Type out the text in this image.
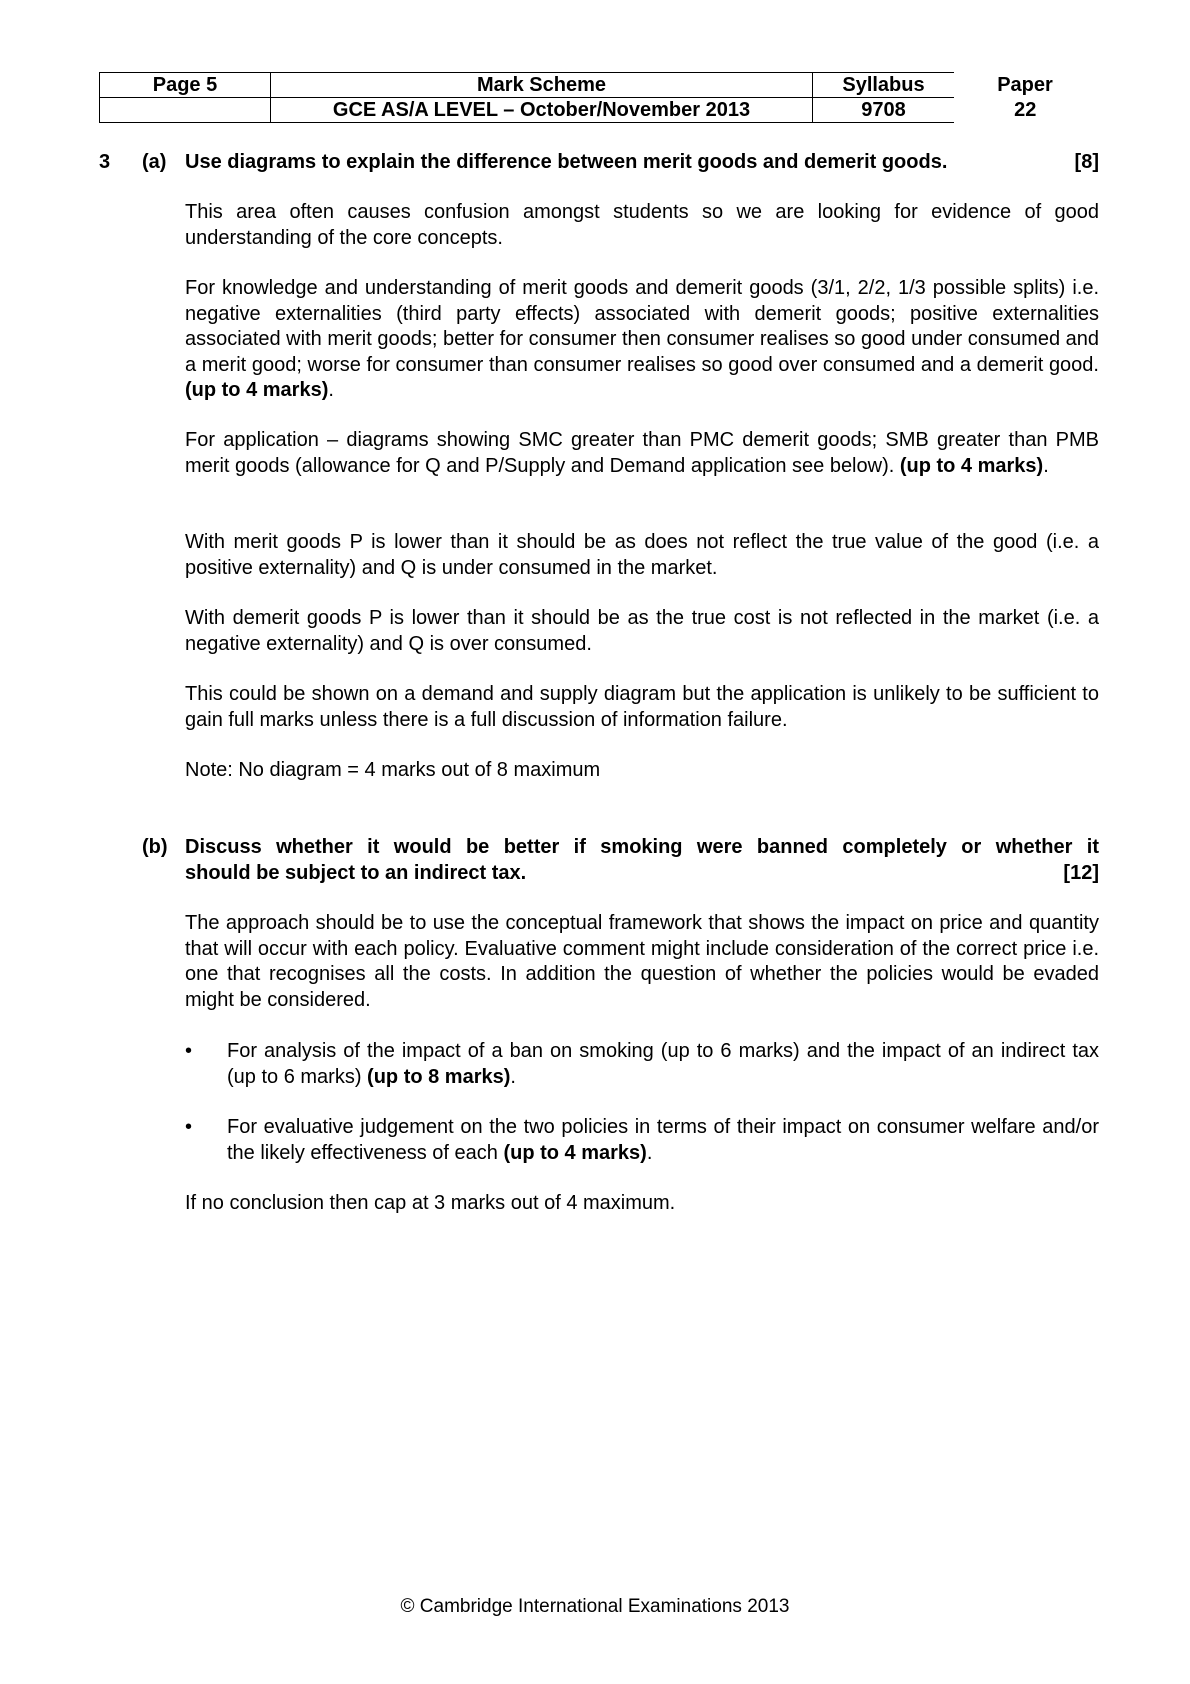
Page 5	Mark Scheme	Syllabus	Paper
	GCE AS/A LEVEL – October/November 2013	9708	22
3 (a) Use diagrams to explain the difference between merit goods and demerit goods.	[8]
This area often causes confusion amongst students so we are looking for evidence of good understanding of the core concepts.
For knowledge and understanding of merit goods and demerit goods (3/1, 2/2, 1/3 possible splits) i.e. negative externalities (third party effects) associated with demerit goods; positive externalities associated with merit goods; better for consumer then consumer realises so good under consumed and a merit good; worse for consumer than consumer realises so good over consumed and a demerit good. (up to 4 marks).
For application – diagrams showing SMC greater than PMC demerit goods; SMB greater than PMB merit goods (allowance for Q and P/Supply and Demand application see below). (up to 4 marks).
With merit goods P is lower than it should be as does not reflect the true value of the good (i.e. a positive externality) and Q is under consumed in the market.
With demerit goods P is lower than it should be as the true cost is not reflected in the market (i.e. a negative externality) and Q is over consumed.
This could be shown on a demand and supply diagram but the application is unlikely to be sufficient to gain full marks unless there is a full discussion of information failure.
Note: No diagram = 4 marks out of 8 maximum
(b) Discuss whether it would be better if smoking were banned completely or whether it
should be subject to an indirect tax.	[12]
The approach should be to use the conceptual framework that shows the impact on price and quantity that will occur with each policy. Evaluative comment might include consideration of the correct price i.e. one that recognises all the costs. In addition the question of whether the policies would be evaded might be considered.
• For analysis of the impact of a ban on smoking (up to 6 marks) and the impact of an indirect tax (up to 6 marks) (up to 8 marks).
• For evaluative judgement on the two policies in terms of their impact on consumer welfare and/or the likely effectiveness of each (up to 4 marks).
If no conclusion then cap at 3 marks out of 4 maximum.
© Cambridge International Examinations 2013
